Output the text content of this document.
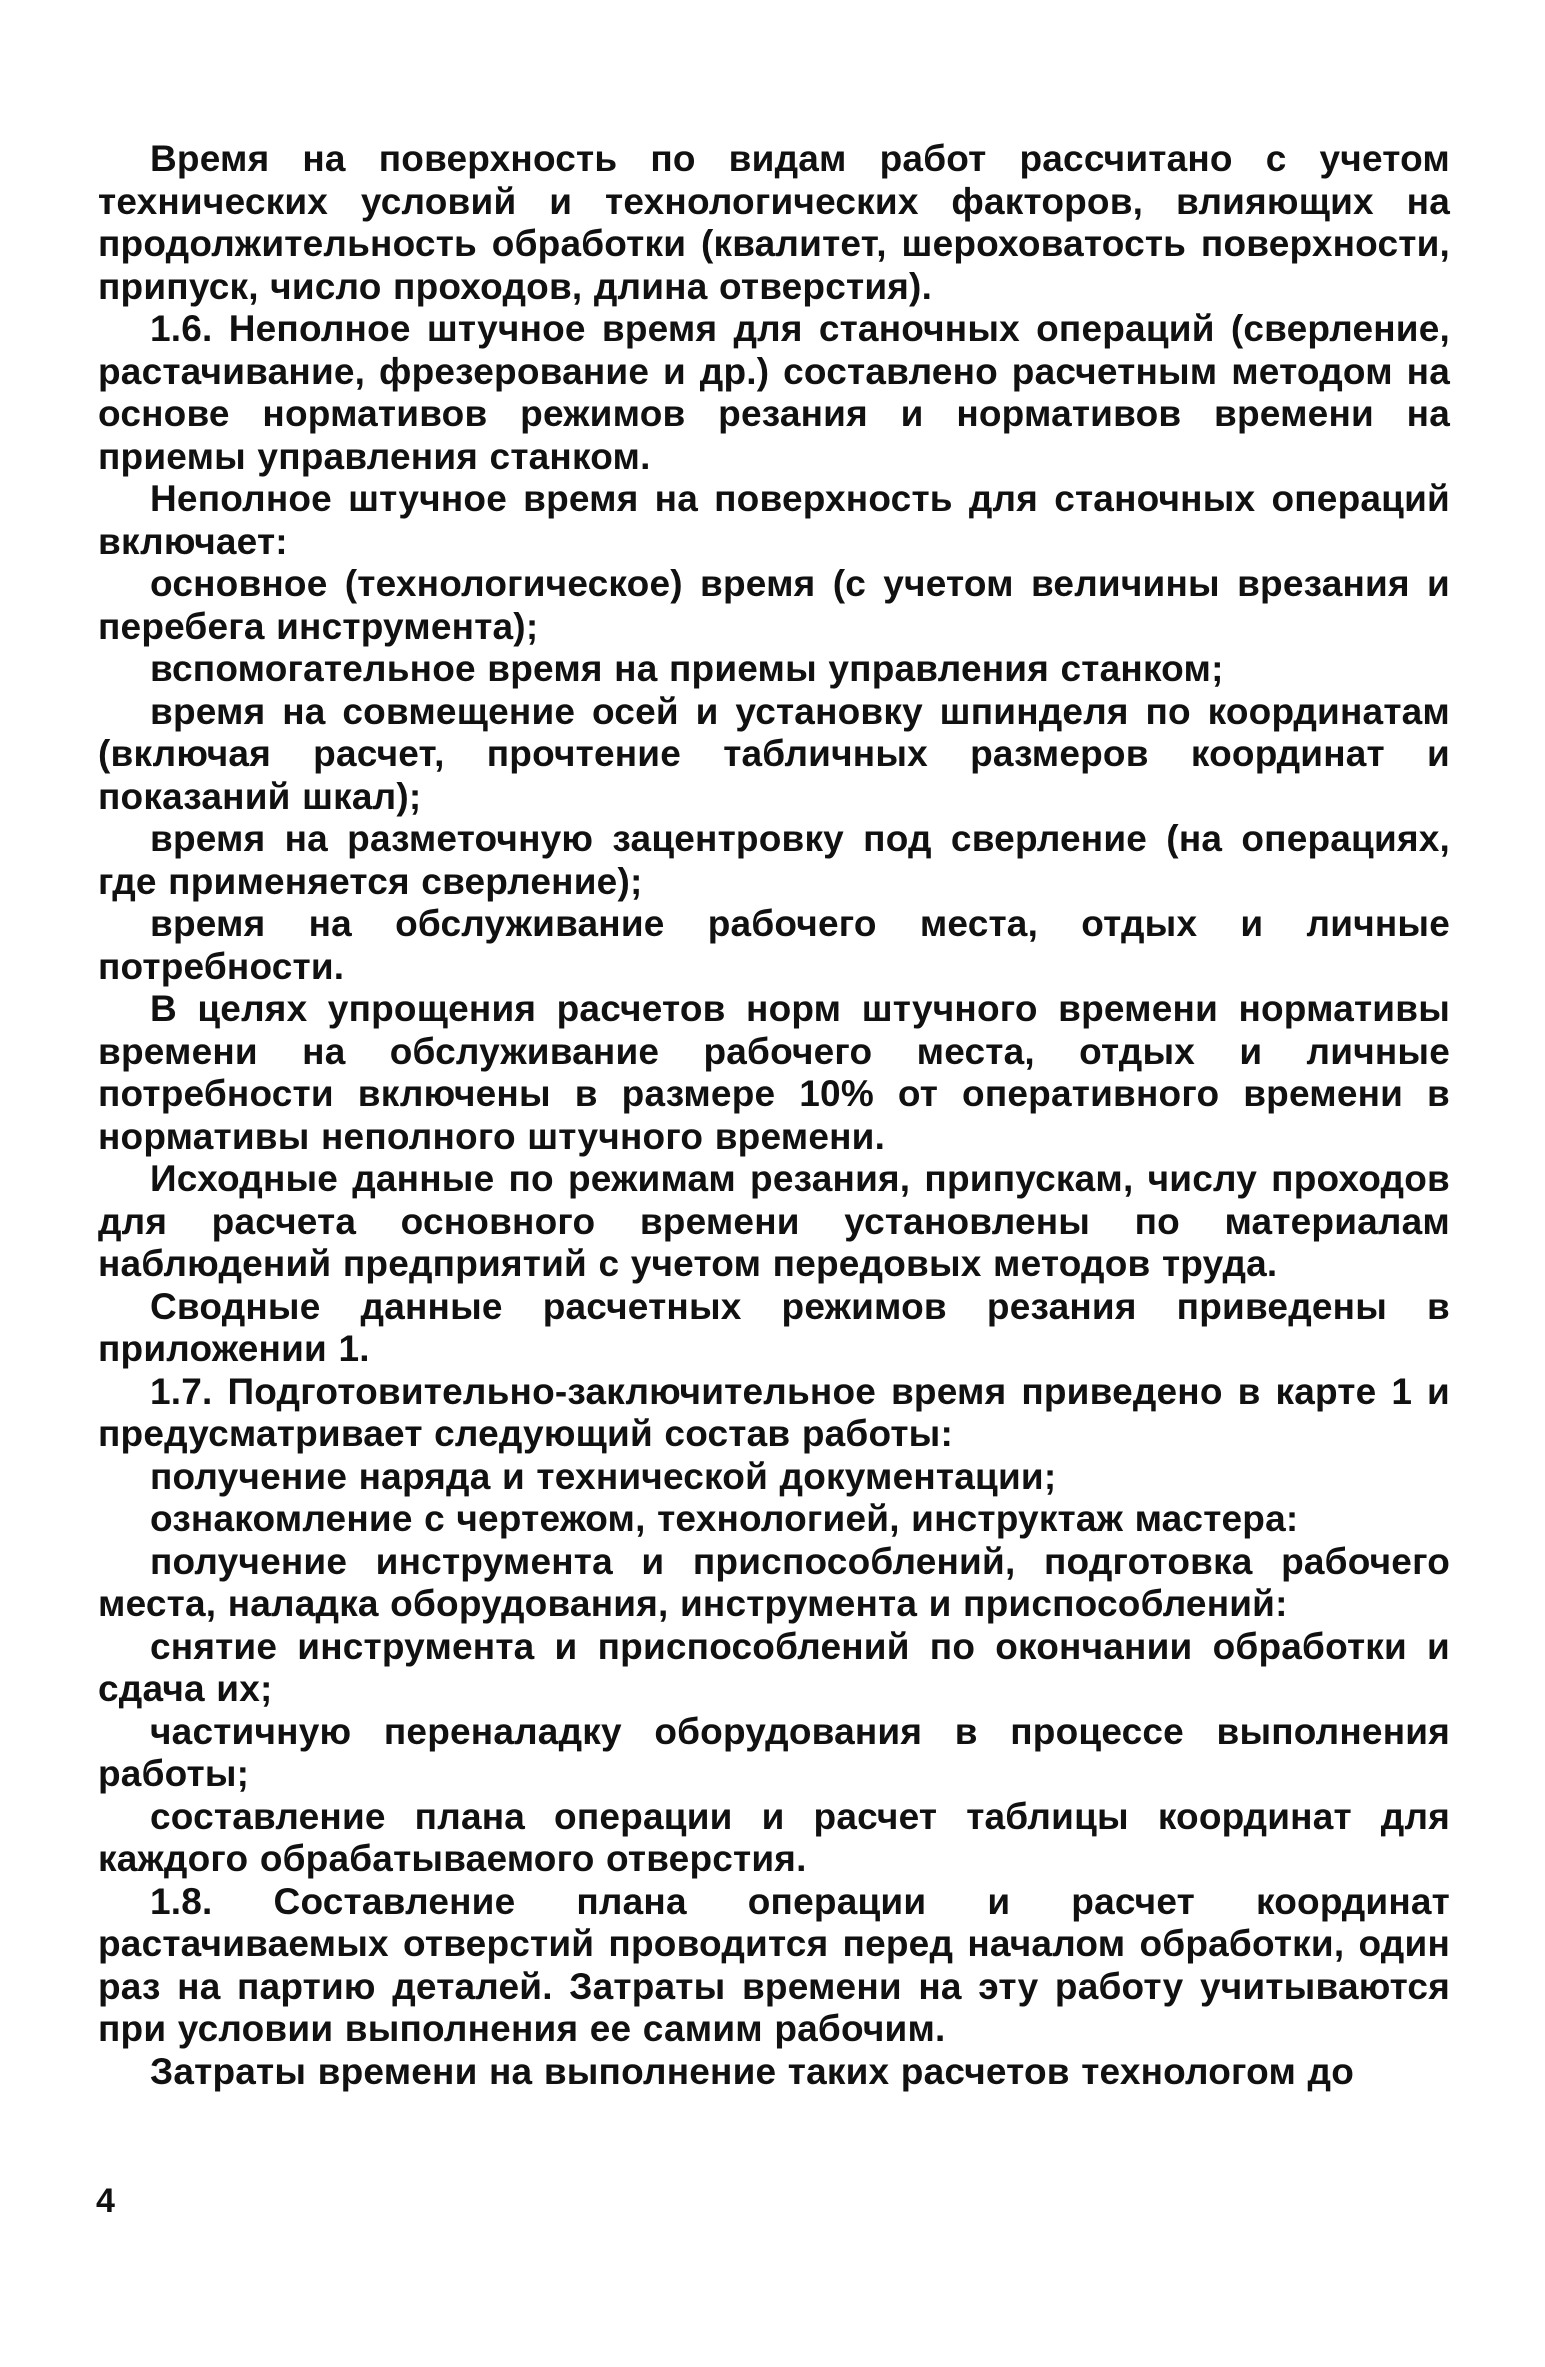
Время на поверхность по видам работ рассчитано с учетом технических условий и технологических факторов, влияющих на продолжительность обработки (квалитет, шероховатость поверхности, припуск, число проходов, длина отверстия).

1.6. Неполное штучное время для станочных операций (сверление, растачивание, фрезерование и др.) составлено расчетным методом на основе нормативов режимов резания и нормативов времени на приемы управления станком.

Неполное штучное время на поверхность для станочных операций включает:

основное (технологическое) время (с учетом величины врезания и перебега инструмента);

вспомогательное время на приемы управления станком;

время на совмещение осей и установку шпинделя по координатам (включая расчет, прочтение табличных размеров координат и показаний шкал);

время на разметочную зацентровку под сверление (на операциях, где применяется сверление);

время на обслуживание рабочего места, отдых и личные потребности.

В целях упрощения расчетов норм штучного времени нормативы времени на обслуживание рабочего места, отдых и личные потребности включены в размере 10% от оперативного времени в нормативы неполного штучного времени.

Исходные данные по режимам резания, припускам, числу проходов для расчета основного времени установлены по материалам наблюдений предприятий с учетом передовых методов труда.

Сводные данные расчетных режимов резания приведены в приложении 1.

1.7. Подготовительно-заключительное время приведено в карте 1 и предусматривает следующий состав работы:

получение наряда и технической документации;

ознакомление с чертежом, технологией, инструктаж мастера:

получение инструмента и приспособлений, подготовка рабочего места, наладка оборудования, инструмента и приспособлений:

снятие инструмента и приспособлений по окончании обработки и сдача их;

частичную переналадку оборудования в процессе выполнения работы;

составление плана операции и расчет таблицы координат для каждого обрабатываемого отверстия.

1.8. Составление плана операции и расчет координат растачиваемых отверстий проводится перед началом обработки, один раз на партию деталей. Затраты времени на эту работу учитываются при условии выполнения ее самим рабочим.

Затраты времени на выполнение таких расчетов технологом до

4
